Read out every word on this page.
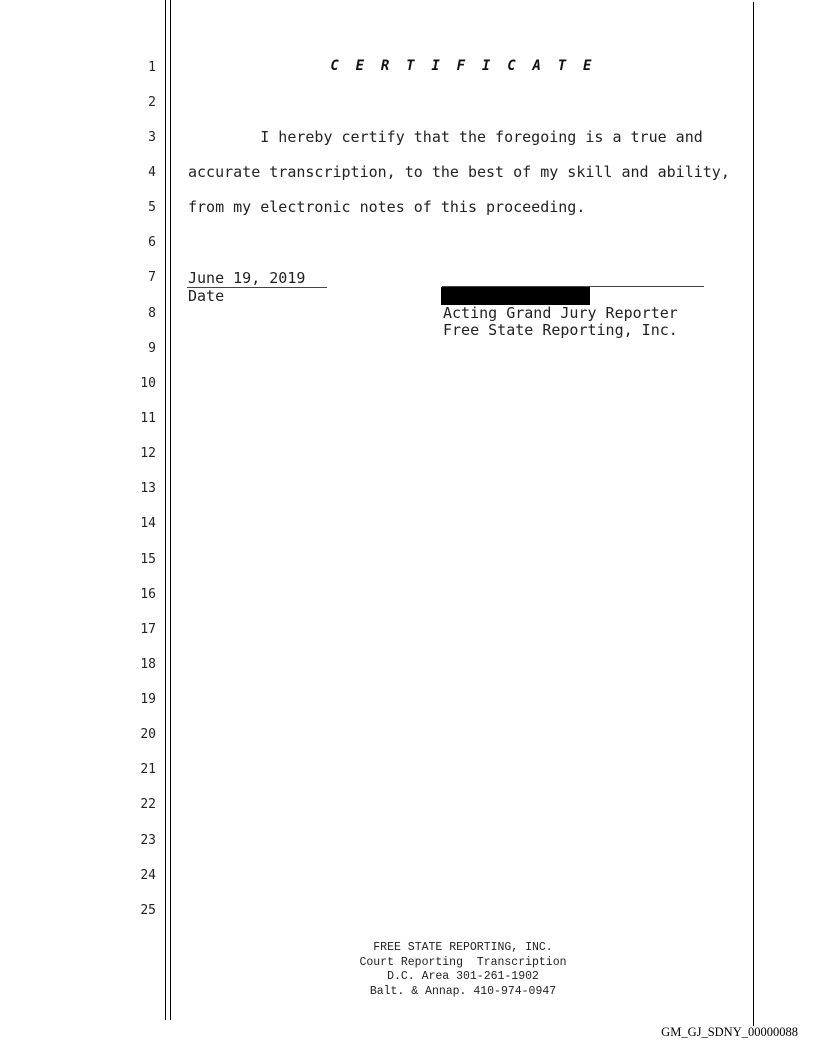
1
2
3
4
5
6
7
8
9
10
11
12
13
14
15
16
17
18
19
20
21
22
23
24
25
C E R T I F I C A T E
I hereby certify that the foregoing is a true and
accurate transcription, to the best of my skill and ability,
from my electronic notes of this proceeding.
June 19, 2019
Date
Acting Grand Jury Reporter
Free State Reporting, Inc.
FREE STATE REPORTING, INC.
Court Reporting  Transcription
D.C. Area 301-261-1902
Balt. & Annap. 410-974-0947
GM_GJ_SDNY_00000088
